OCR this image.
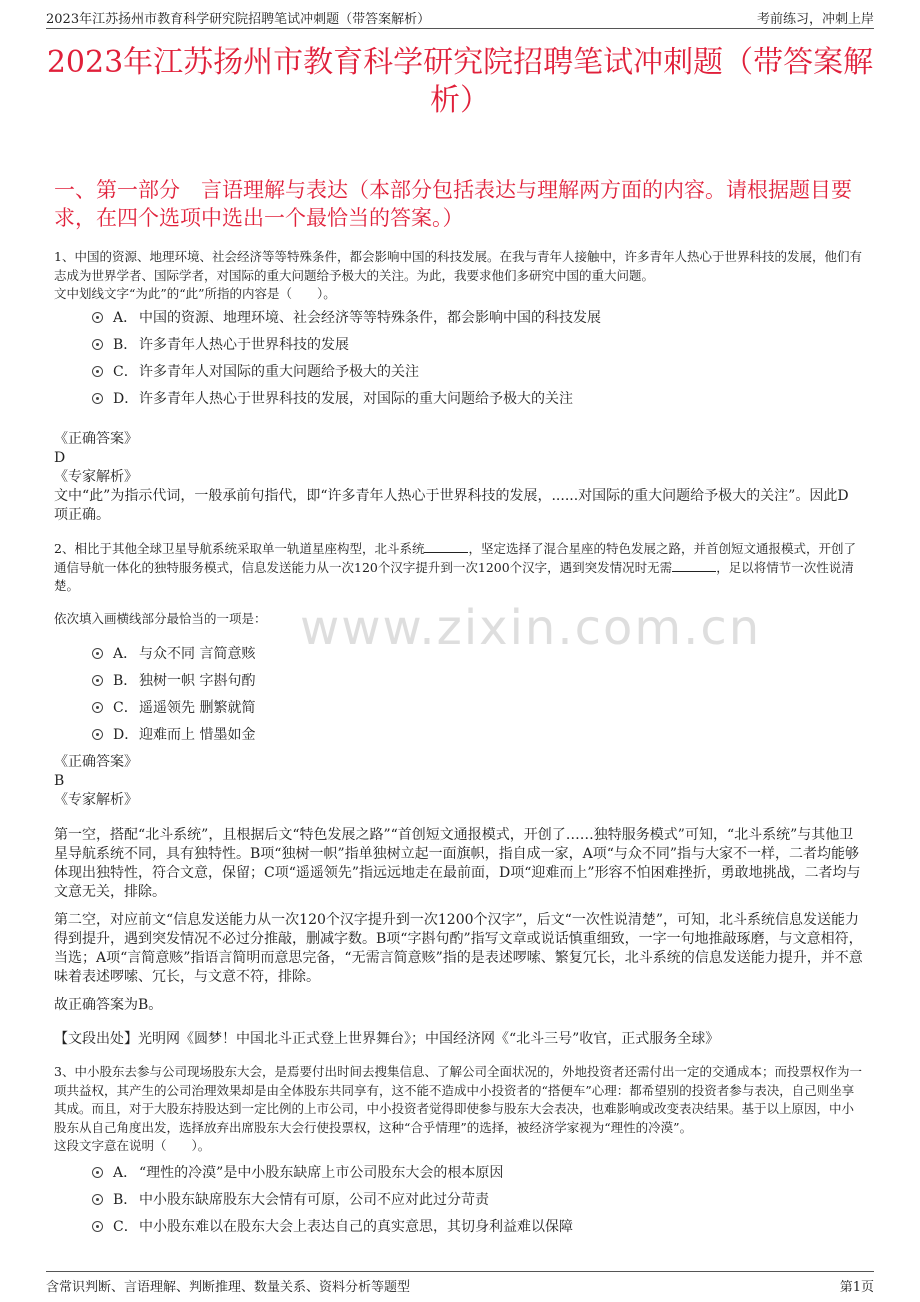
2023年江苏扬州市教育科学研究院招聘笔试冲刺题（带答案解析）	考前练习，冲刺上岸
2023年江苏扬州市教育科学研究院招聘笔试冲刺题（带答案解析）
一、第一部分　言语理解与表达（本部分包括表达与理解两方面的内容。请根据题目要求，在四个选项中选出一个最恰当的答案。）
1、中国的资源、地理环境、社会经济等等特殊条件，都会影响中国的科技发展。在我与青年人接触中，许多青年人热心于世界科技的发展，他们有志成为世界学者、国际学者，对国际的重大问题给予极大的关注。为此，我要求他们多研究中国的重大问题。
文中划线文字“为此”的“此”所指的内容是（　　）。
A． 中国的资源、地理环境、社会经济等等特殊条件，都会影响中国的科技发展
B． 许多青年人热心于世界科技的发展
C．许多青年人对国际的重大问题给予极大的关注
D．许多青年人热心于世界科技的发展，对国际的重大问题给予极大的关注
《正确答案》
D
《专家解析》
文中“此”为指示代词，一般承前句指代，即“许多青年人热心于世界科技的发展，......对国际的重大问题给予极大的关注”。因此D项正确。
2、相比于其他全球卫星导航系统采取单一轨道星座构型，北斗系统	，坚定选择了混合星座的特色发展之路，并首创短文通报模式，开创了通信导航一体化的独特服务模式，信息发送能力从一次120个汉字提升到一次1200个汉字，遇到突发情况时无需	，足以将情节一次性说清楚。
依次填入画横线部分最恰当的一项是：
A． 与众不同 言简意赅
B． 独树一帜 字斟句酌
C．遥遥领先 删繁就简
D．迎难而上 惜墨如金
《正确答案》
B
《专家解析》
第一空，搭配“北斗系统”，且根据后文“特色发展之路”“首创短文通报模式，开创了……独特服务模式”可知，“北斗系统”与其他卫星导航系统不同，具有独特性。B项“独树一帜”指单独树立起一面旗帜，指自成一家，A项“与众不同”指与大家不一样，二者均能够体现出独特性，符合文意，保留；C项“遥遥领先”指远远地走在最前面，D项“迎难而上”形容不怕困难挫折，勇敢地挑战，二者均与文意无关，排除。
第二空，对应前文“信息发送能力从一次120个汉字提升到一次1200个汉字”，后文“一次性说清楚”，可知，北斗系统信息发送能力得到提升，遇到突发情况不必过分推敲，删减字数。B项“字斟句酌”指写文章或说话慎重细致，一字一句地推敲琢磨，与文意相符，当选；A项“言简意赅”指语言简明而意思完备，“无需言简意赅”指的是表述啰嗦、繁复冗长，北斗系统的信息发送能力提升，并不意味着表述啰嗦、冗长，与文意不符，排除。
故正确答案为B。
【文段出处】光明网《圆梦！中国北斗正式登上世界舞台》；中国经济网《“北斗三号”收官，正式服务全球》
3、中小股东去参与公司现场股东大会，是焉要付出时间去搜集信息、了解公司全面状况的，外地投资者还需付出一定的交通成本；而投票权作为一项共益权，其产生的公司治理效果却是由全体股东共同享有，这不能不造成中小投资者的“搭便车”心理：都希望别的投资者参与表决，自己则坐享其成。而且，对于大股东持股达到一定比例的上市公司，中小投资者觉得即使参与股东大会表决，也难影响或改变表决结果。基于以上原因，中小股东从自己角度出发，选择放弃出席股东大会行使投票权，这种“合乎情理”的选择，被经济学家视为“理性的冷漠”。
这段文字意在说明（　　）。
A． “理性的冷漠”是中小股东缺席上市公司股东大会的根本原因
B． 中小股东缺席股东大会情有可原，公司不应对此过分苛责
C．中小股东难以在股东大会上表达自己的真实意思，其切身利益难以保障
www.zixin.com.cn
含常识判断、言语理解、判断推理、数量关系、资料分析等题型	第1页
